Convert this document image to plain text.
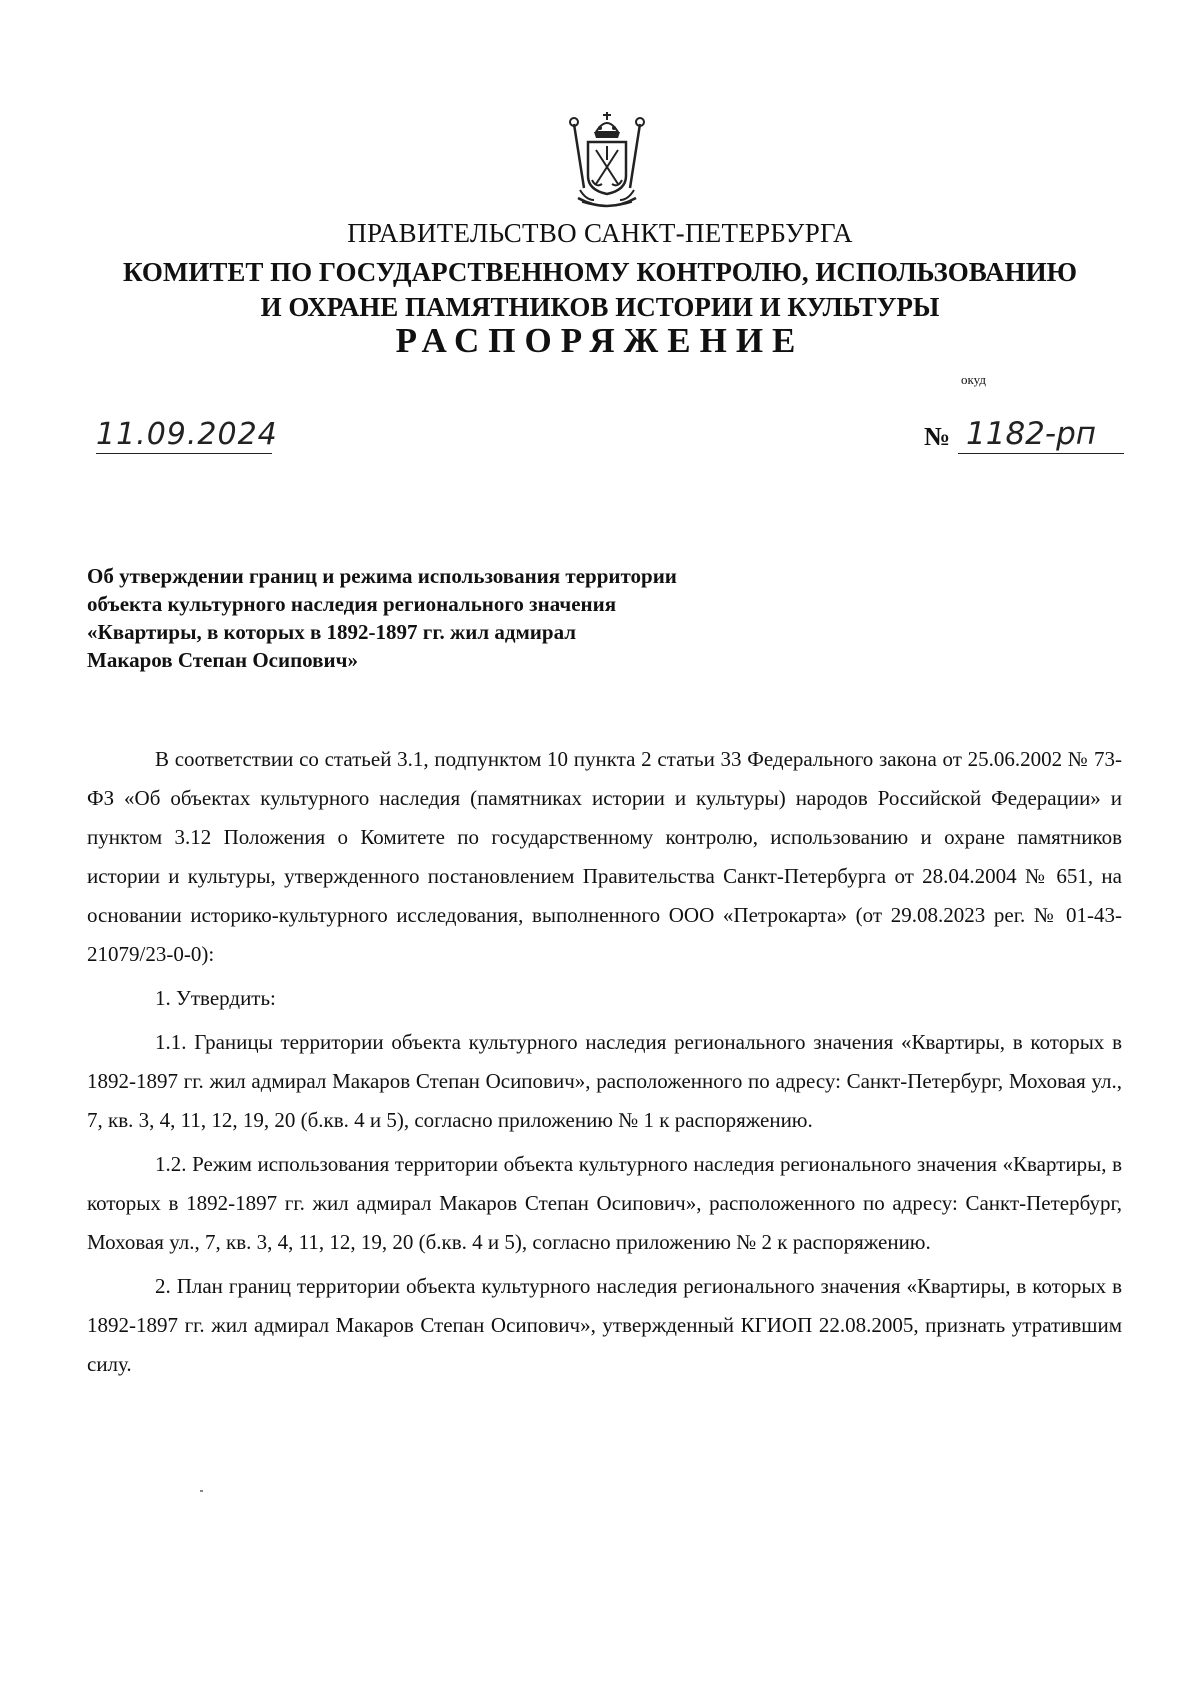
ПРАВИТЕЛЬСТВО САНКТ-ПЕТЕРБУРГА
КОМИТЕТ ПО ГОСУДАРСТВЕННОМУ КОНТРОЛЮ, ИСПОЛЬЗОВАНИЮ
И ОХРАНЕ ПАМЯТНИКОВ ИСТОРИИ И КУЛЬТУРЫ
РАСПОРЯЖЕНИЕ
окуд
11.09.2024	№ 1182-рп
Об утверждении границ и режима использования территории
объекта культурного наследия регионального значения
«Квартиры, в которых в 1892-1897 гг. жил адмирал
Макаров Степан Осипович»

В соответствии со статьей 3.1, подпунктом 10 пункта 2 статьи 33 Федерального закона от 25.06.2002 № 73-ФЗ «Об объектах культурного наследия (памятниках истории и культуры) народов Российской Федерации» и пунктом 3.12 Положения о Комитете по государственному контролю, использованию и охране памятников истории и культуры, утвержденного постановлением Правительства Санкт-Петербурга от 28.04.2004 № 651, на основании историко-культурного исследования, выполненного ООО «Петрокарта» (от 29.08.2023 рег. № 01-43-21079/23-0-0):

1. Утвердить:

1.1. Границы территории объекта культурного наследия регионального значения «Квартиры, в которых в 1892-1897 гг. жил адмирал Макаров Степан Осипович», расположенного по адресу: Санкт-Петербург, Моховая ул., 7, кв. 3, 4, 11, 12, 19, 20 (б.кв. 4 и 5), согласно приложению № 1 к распоряжению.

1.2. Режим использования территории объекта культурного наследия регионального значения «Квартиры, в которых в 1892-1897 гг. жил адмирал Макаров Степан Осипович», расположенного по адресу: Санкт-Петербург, Моховая ул., 7, кв. 3, 4, 11, 12, 19, 20 (б.кв. 4 и 5), согласно приложению № 2 к распоряжению.

2. План границ территории объекта культурного наследия регионального значения «Квартиры, в которых в 1892-1897 гг. жил адмирал Макаров Степан Осипович», утвержденный КГИОП 22.08.2005, признать утратившим силу.
